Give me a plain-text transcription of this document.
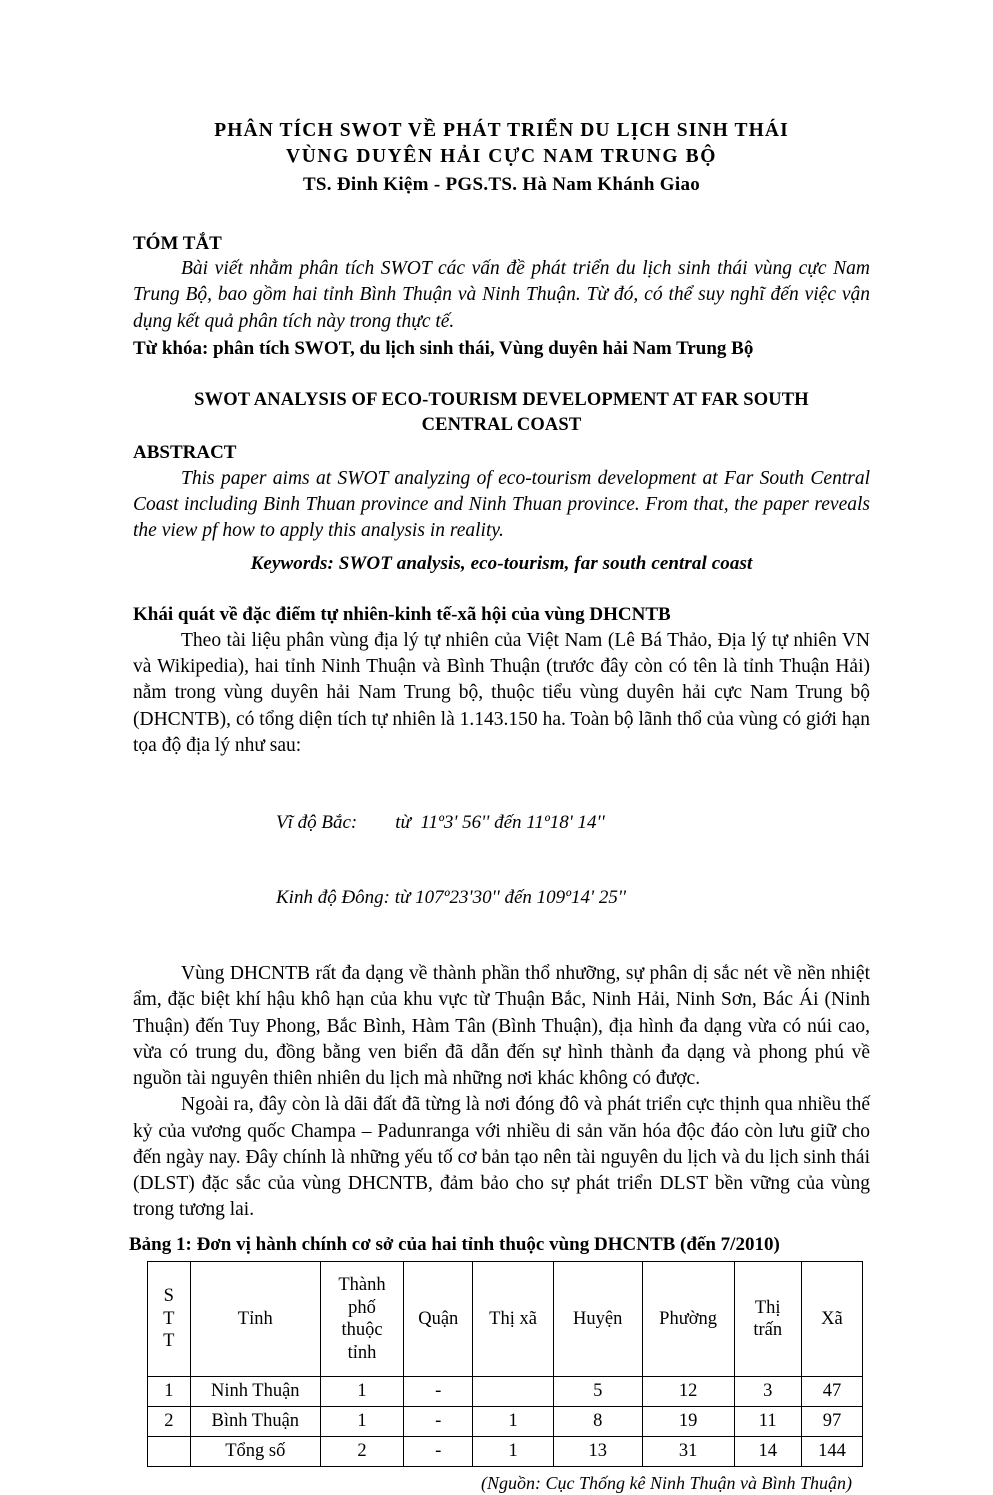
PHÂN TÍCH SWOT VỀ PHÁT TRIỂN DU LỊCH SINH THÁI
VÙNG DUYÊN HẢI CỰC NAM TRUNG BỘ
TS. Đinh Kiệm - PGS.TS. Hà Nam Khánh Giao
TÓM TẮT

Bài viết nhằm phân tích SWOT các vấn đề phát triển du lịch sinh thái vùng cực Nam Trung Bộ, bao gồm hai tỉnh Bình Thuận và Ninh Thuận. Từ đó, có thể suy nghĩ đến việc vận dụng kết quả phân tích này trong thực tế.

Từ khóa: phân tích SWOT, du lịch sinh thái, Vùng duyên hải Nam Trung Bộ
SWOT ANALYSIS OF ECO-TOURISM DEVELOPMENT AT FAR SOUTH
CENTRAL COAST
ABSTRACT

This paper aims at SWOT analyzing of eco-tourism development at Far South Central Coast including Binh Thuan province and Ninh Thuan province. From that, the paper reveals the view pf how to apply this analysis in reality.

Keywords: SWOT analysis, eco-tourism, far south central coast
Khái quát về đặc điểm tự nhiên-kinh tế-xã hội của vùng DHCNTB

Theo tài liệu phân vùng địa lý tự nhiên của Việt Nam (Lê Bá Thảo, Địa lý tự nhiên VN và Wikipedia), hai tỉnh Ninh Thuận và Bình Thuận (trước đây còn có tên là tỉnh Thuận Hải) nằm trong vùng duyên hải Nam Trung bộ, thuộc tiểu vùng duyên hải cực Nam Trung bộ (DHCNTB), có tổng diện tích tự nhiên là 1.143.150 ha. Toàn bộ lãnh thổ của vùng có giới hạn tọa độ địa lý như sau:

Vĩ độ Bắc:        từ  11º3' 56'' đến 11º18' 14''

Kinh độ Đông: từ 107º23'30'' đến 109º14' 25''

Vùng DHCNTB rất đa dạng về thành phần thổ nhưỡng, sự phân dị sắc nét về nền nhiệt ẩm, đặc biệt khí hậu khô hạn của khu vực từ Thuận Bắc, Ninh Hải, Ninh Sơn, Bác Ái (Ninh Thuận) đến Tuy Phong, Bắc Bình, Hàm Tân (Bình Thuận), địa hình đa dạng vừa có núi cao, vừa có trung du, đồng bằng ven biển đã dẫn đến sự hình thành đa dạng và phong phú về nguồn tài nguyên thiên nhiên du lịch mà những nơi khác không có được.

Ngoài ra, đây còn là dãi đất đã từng là nơi đóng đô và phát triển cực thịnh qua nhiều thế kỷ của vương quốc Champa – Padunranga với nhiều di sản văn hóa độc đáo còn lưu giữ cho đến ngày nay. Đây chính là những yếu tố cơ bản tạo nên tài nguyên du lịch và du lịch sinh thái (DLST) đặc sắc của vùng DHCNTB, đảm bảo cho sự phát triển DLST bền vững của vùng trong tương lai.

Bảng 1: Đơn vị hành chính cơ sở của hai tỉnh thuộc vùng DHCNTB (đến 7/2010)
S
T
T	Tỉnh	Thành
phố
thuộc
tỉnh	Quận	Thị xã	Huyện	Phường	Thị
trấn	Xã
1	Ninh Thuận	1	-		5	12	3	47
2	Bình Thuận	1	-	1	8	19	11	97
	Tổng số	2	-	1	13	31	14	144
(Nguồn: Cục Thống kê Ninh Thuận và Bình Thuận)
